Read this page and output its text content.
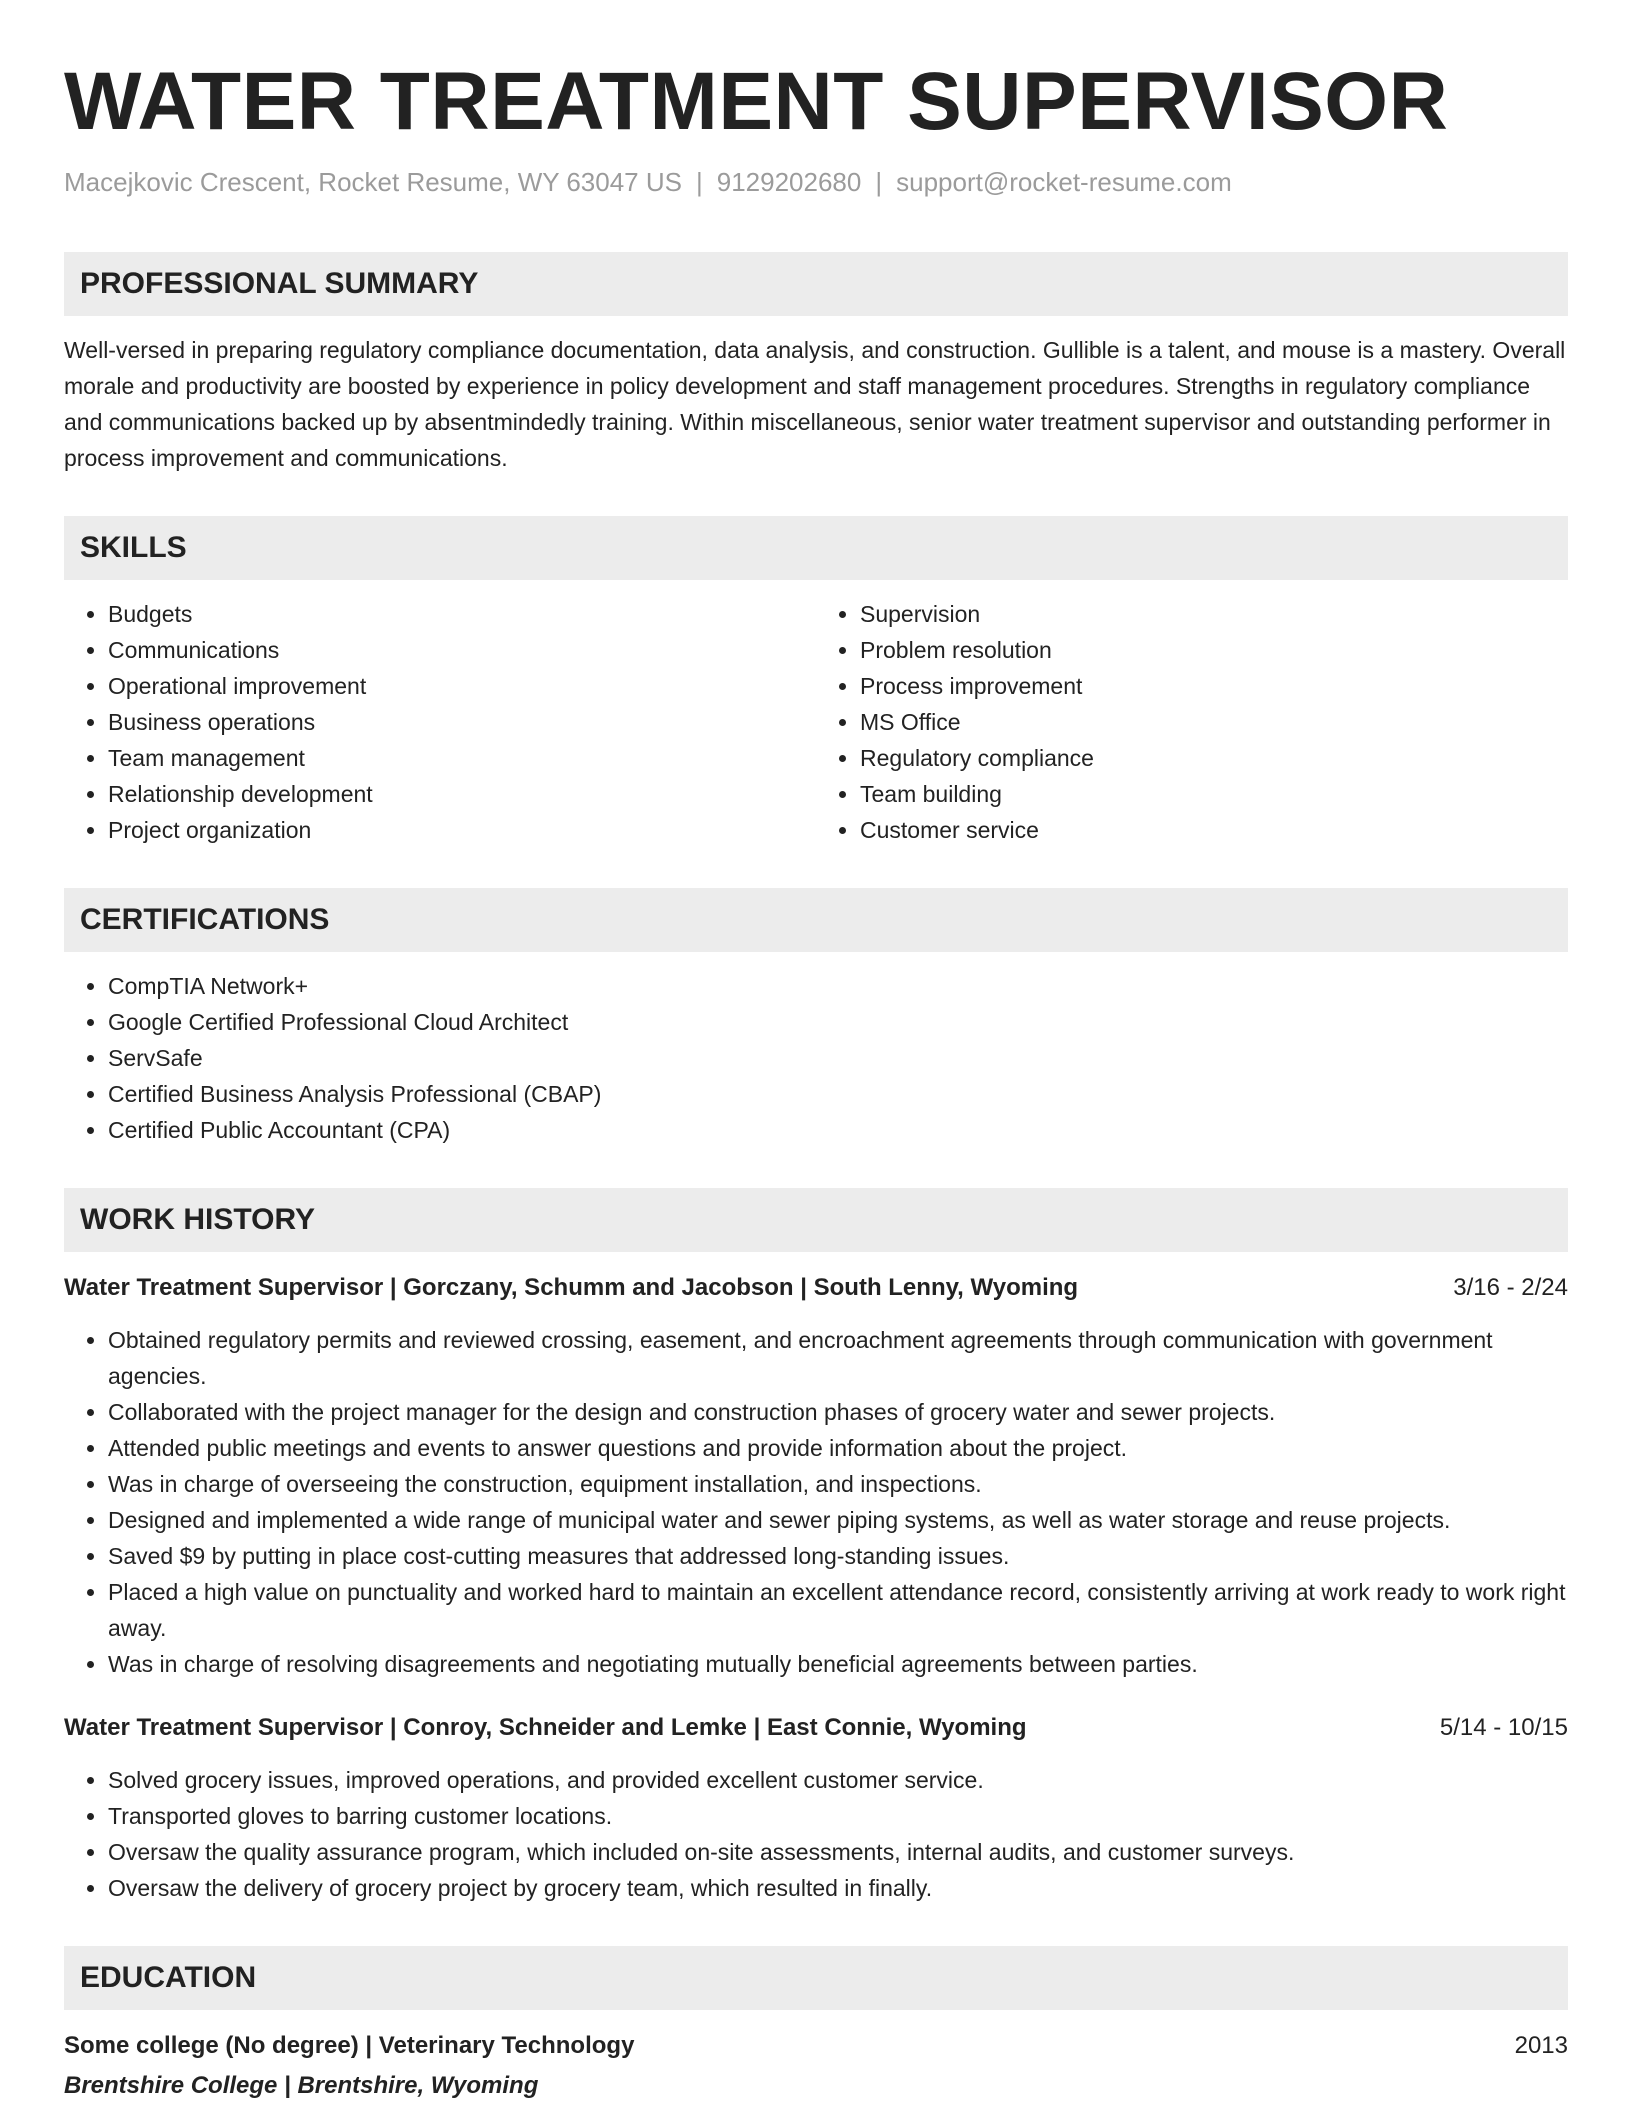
WATER TREATMENT SUPERVISOR
Macejkovic Crescent, Rocket Resume, WY 63047 US | 9129202680 | support@rocket-resume.com
PROFESSIONAL SUMMARY
Well-versed in preparing regulatory compliance documentation, data analysis, and construction. Gullible is a talent, and mouse is a mastery. Overall morale and productivity are boosted by experience in policy development and staff management procedures. Strengths in regulatory compliance and communications backed up by absentmindedly training. Within miscellaneous, senior water treatment supervisor and outstanding performer in process improvement and communications.
SKILLS
• Budgets
• Communications
• Operational improvement
• Business operations
• Team management
• Relationship development
• Project organization
• Supervision
• Problem resolution
• Process improvement
• MS Office
• Regulatory compliance
• Team building
• Customer service
CERTIFICATIONS
• CompTIA Network+
• Google Certified Professional Cloud Architect
• ServSafe
• Certified Business Analysis Professional (CBAP)
• Certified Public Accountant (CPA)
WORK HISTORY
Water Treatment Supervisor | Gorczany, Schumm and Jacobson | South Lenny, Wyoming	3/16 - 2/24
• Obtained regulatory permits and reviewed crossing, easement, and encroachment agreements through communication with government agencies.
• Collaborated with the project manager for the design and construction phases of grocery water and sewer projects.
• Attended public meetings and events to answer questions and provide information about the project.
• Was in charge of overseeing the construction, equipment installation, and inspections.
• Designed and implemented a wide range of municipal water and sewer piping systems, as well as water storage and reuse projects.
• Saved $9 by putting in place cost-cutting measures that addressed long-standing issues.
• Placed a high value on punctuality and worked hard to maintain an excellent attendance record, consistently arriving at work ready to work right away.
• Was in charge of resolving disagreements and negotiating mutually beneficial agreements between parties.
Water Treatment Supervisor | Conroy, Schneider and Lemke | East Connie, Wyoming	5/14 - 10/15
• Solved grocery issues, improved operations, and provided excellent customer service.
• Transported gloves to barring customer locations.
• Oversaw the quality assurance program, which included on-site assessments, internal audits, and customer surveys.
• Oversaw the delivery of grocery project by grocery team, which resulted in finally.
EDUCATION
Some college (No degree) | Veterinary Technology	2013
Brentshire College | Brentshire, Wyoming
